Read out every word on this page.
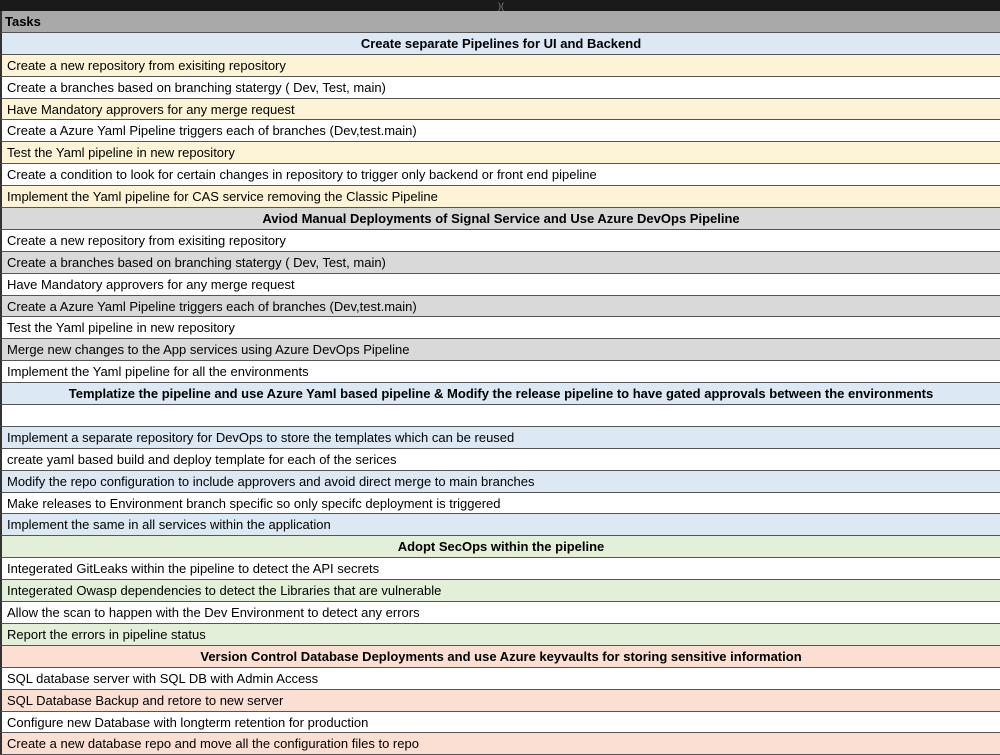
)(
Tasks
Create separate Pipelines for UI and Backend
Create a new repository from exisiting repository
Create a branches based on branching statergy ( Dev, Test, main)
Have Mandatory approvers for any merge request
Create a Azure Yaml Pipeline triggers each of branches (Dev,test.main)
Test the Yaml pipeline in new repository
Create a condition to look for certain changes in repository to trigger only backend or front end pipeline
Implement the Yaml pipeline for CAS service removing the Classic Pipeline
Aviod Manual Deployments of Signal Service and Use Azure DevOps Pipeline
Create a new repository from exisiting repository
Create a branches based on branching statergy ( Dev, Test, main)
Have Mandatory approvers for any merge request
Create a Azure Yaml Pipeline triggers each of branches (Dev,test.main)
Test the Yaml pipeline in new repository
Merge new changes to the App services using Azure DevOps Pipeline
Implement the Yaml pipeline for all the environments
Templatize the pipeline and use Azure Yaml based pipeline & Modify the release pipeline to have gated approvals between the environments
Implement a separate repository for DevOps to store the templates which can be reused
create yaml based build and deploy template for each of the serices
Modify the repo configuration to include approvers and avoid direct merge to main branches
Make releases to Environment branch specific so only specifc deployment is triggered
Implement the same in all services within the application
Adopt SecOps within the pipeline
Integerated GitLeaks within the pipeline to detect the API secrets
Integerated Owasp dependencies to detect the Libraries that are vulnerable
Allow the scan to happen with the Dev Environment to detect any errors
Report the errors in pipeline status
Version Control Database Deployments and use Azure keyvaults for storing sensitive information
SQL database server with SQL DB with Admin Access
SQL Database Backup and retore to new server
Configure new Database with longterm retention for production
Create a new database repo and move all the configuration files to repo
